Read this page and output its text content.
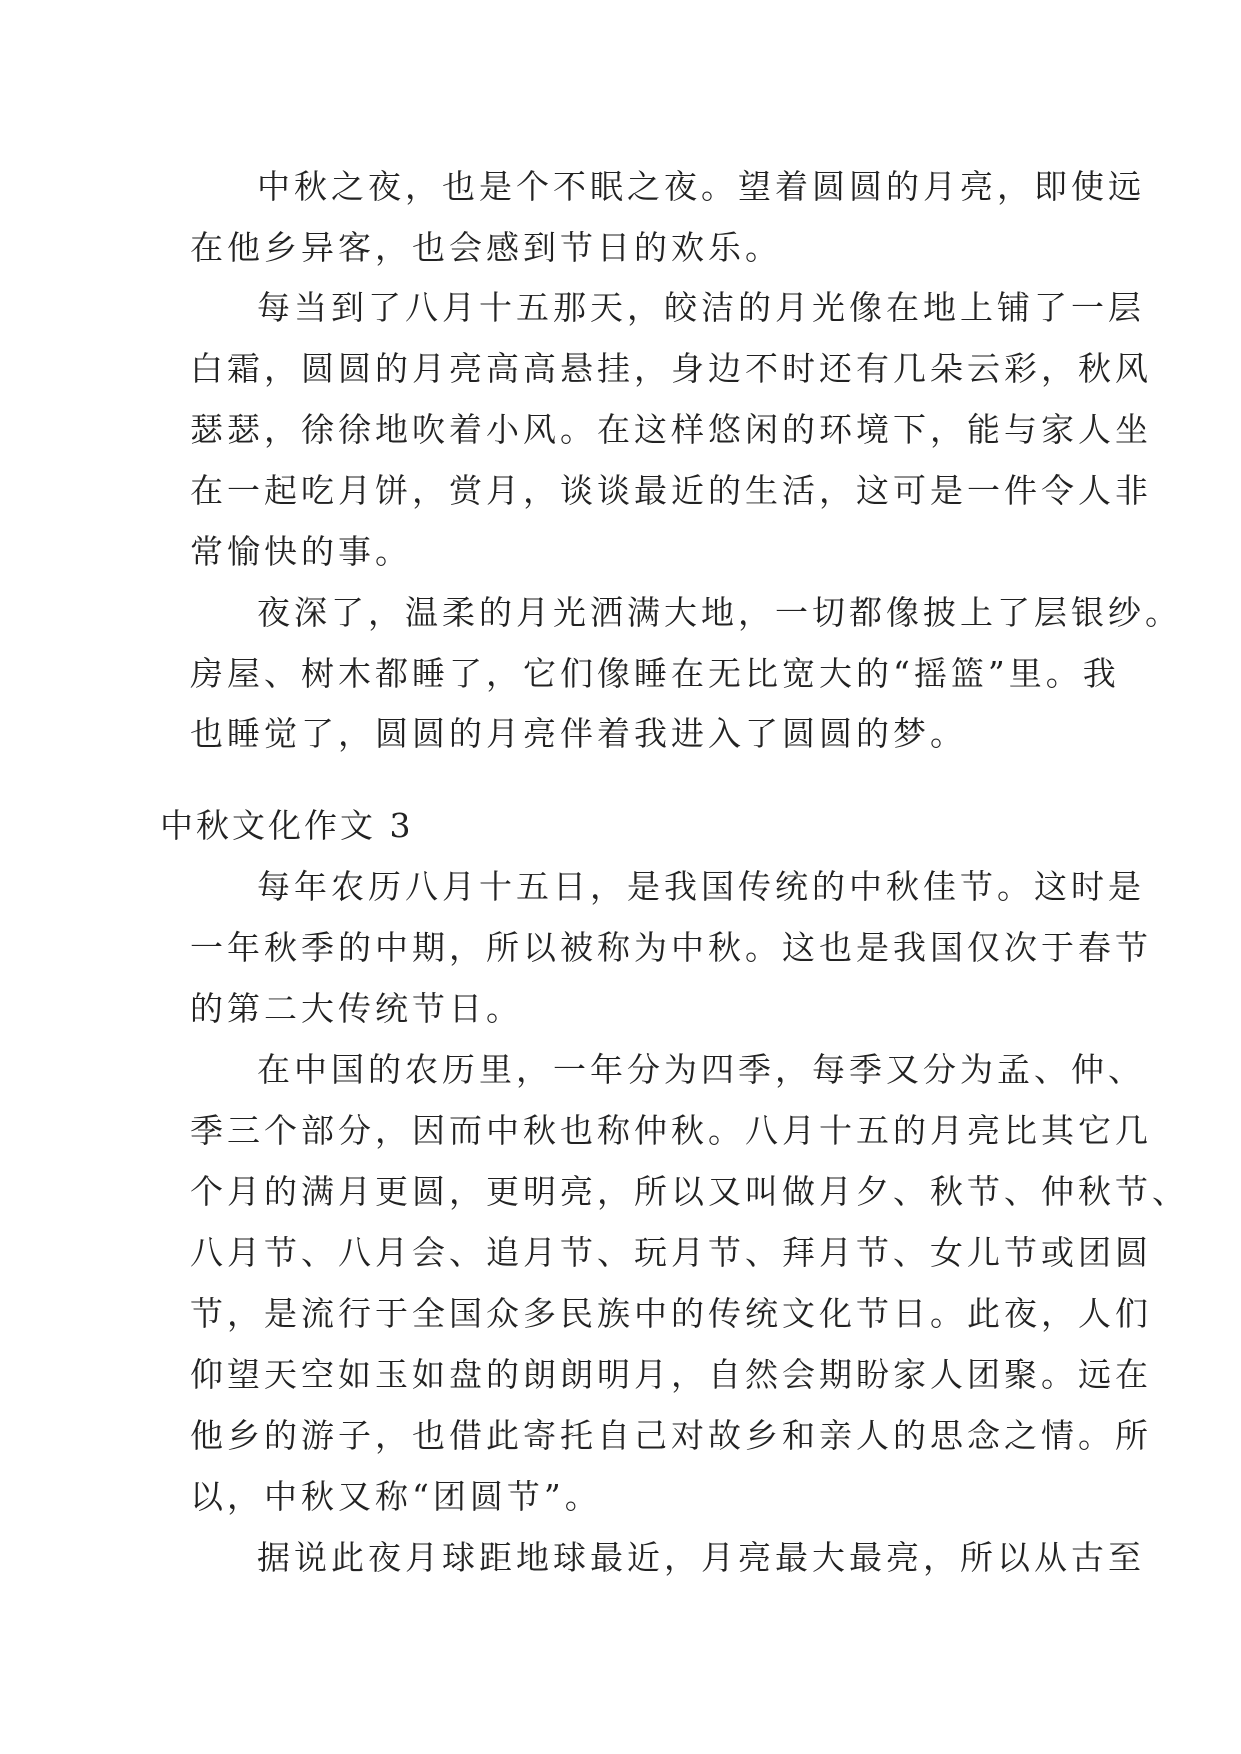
中秋之夜，也是个不眠之夜。望着圆圆的月亮，即使远
在他乡异客，也会感到节日的欢乐。
每当到了八月十五那天，皎洁的月光像在地上铺了一层
白霜，圆圆的月亮高高悬挂，身边不时还有几朵云彩，秋风
瑟瑟，徐徐地吹着小风。在这样悠闲的环境下，能与家人坐
在一起吃月饼，赏月，谈谈最近的生活，这可是一件令人非
常愉快的事。
夜深了，温柔的月光洒满大地，一切都像披上了层银纱。
房屋、树木都睡了，它们像睡在无比宽大的“摇篮”里。我
也睡觉了，圆圆的月亮伴着我进入了圆圆的梦。
中秋文化作文 3
每年农历八月十五日，是我国传统的中秋佳节。这时是
一年秋季的中期，所以被称为中秋。这也是我国仅次于春节
的第二大传统节日。
在中国的农历里，一年分为四季，每季又分为孟、仲、
季三个部分，因而中秋也称仲秋。八月十五的月亮比其它几
个月的满月更圆，更明亮，所以又叫做月夕、秋节、仲秋节、
八月节、八月会、追月节、玩月节、拜月节、女儿节或团圆
节，是流行于全国众多民族中的传统文化节日。此夜，人们
仰望天空如玉如盘的朗朗明月，自然会期盼家人团聚。远在
他乡的游子，也借此寄托自己对故乡和亲人的思念之情。所
以，中秋又称“团圆节”。
据说此夜月球距地球最近，月亮最大最亮，所以从古至
